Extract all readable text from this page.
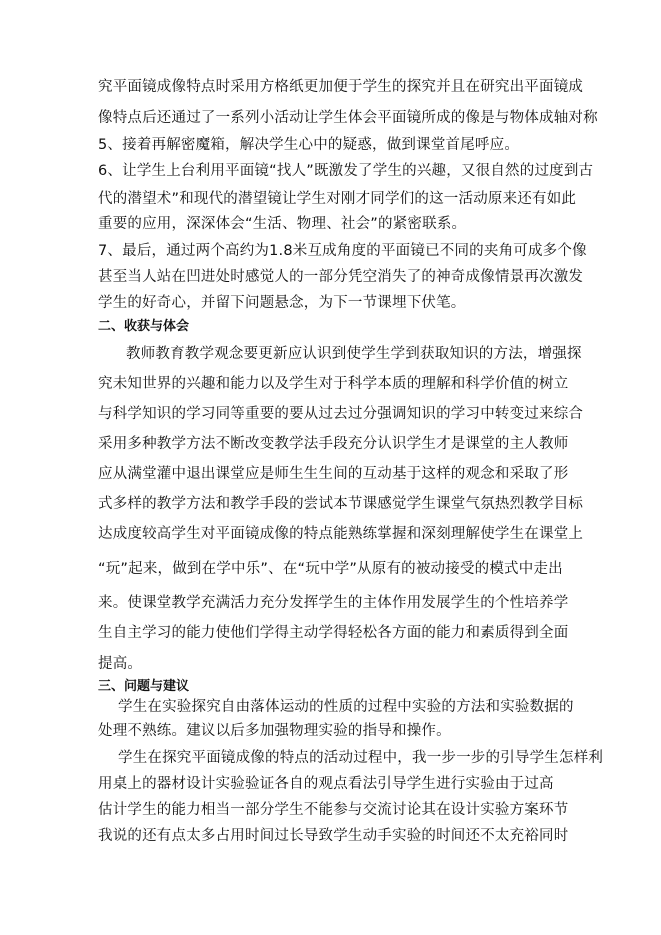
究平面镜成像特点时采用方格纸更加便于学生的探究并且在研究出平面镜成
像特点后还通过了一系列小活动让学生体会平面镜所成的像是与物体成轴对称
5、接着再解密魔箱，解决学生心中的疑惑，做到课堂首尾呼应。
6、让学生上台利用平面镜“找人”既激发了学生的兴趣，又很自然的过度到古
代的潜望术”和现代的潜望镜让学生对刚才同学们的这一活动原来还有如此
重要的应用，深深体会“生活、物理、社会”的紧密联系。
7、最后，通过两个高约为1.8米互成角度的平面镜已不同的夹角可成多个像
甚至当人站在凹进处时感觉人的一部分凭空消失了的神奇成像情景再次激发
学生的好奇心，并留下问题悬念，为下一节课埋下伏笔。
二、收获与体会
教师教育教学观念要更新应认识到使学生学到获取知识的方法，增强探
究未知世界的兴趣和能力以及学生对于科学本质的理解和科学价值的树立
与科学知识的学习同等重要的要从过去过分强调知识的学习中转变过来综合
采用多种教学方法不断改变教学法手段充分认识学生才是课堂的主人教师
应从满堂灌中退出课堂应是师生生生间的互动基于这样的观念和采取了形
式多样的教学方法和教学手段的尝试本节课感觉学生课堂气氛热烈教学目标
达成度较高学生对平面镜成像的特点能熟练掌握和深刻理解使学生在课堂上
“玩”起来，做到在学中乐”、在“玩中学”从原有的被动接受的模式中走出
来。使课堂教学充满活力充分发挥学生的主体作用发展学生的个性培养学
生自主学习的能力使他们学得主动学得轻松各方面的能力和素质得到全面
提高。
三、问题与建议
学生在实验探究自由落体运动的性质的过程中实验的方法和实验数据的
处理不熟练。建议以后多加强物理实验的指导和操作。
学生在探究平面镜成像的特点的活动过程中，我一步一步的引导学生怎样利
用桌上的器材设计实验验证各自的观点看法引导学生进行实验由于过高
估计学生的能力相当一部分学生不能参与交流讨论其在设计实验方案环节
我说的还有点太多占用时间过长导致学生动手实验的时间还不太充裕同时
